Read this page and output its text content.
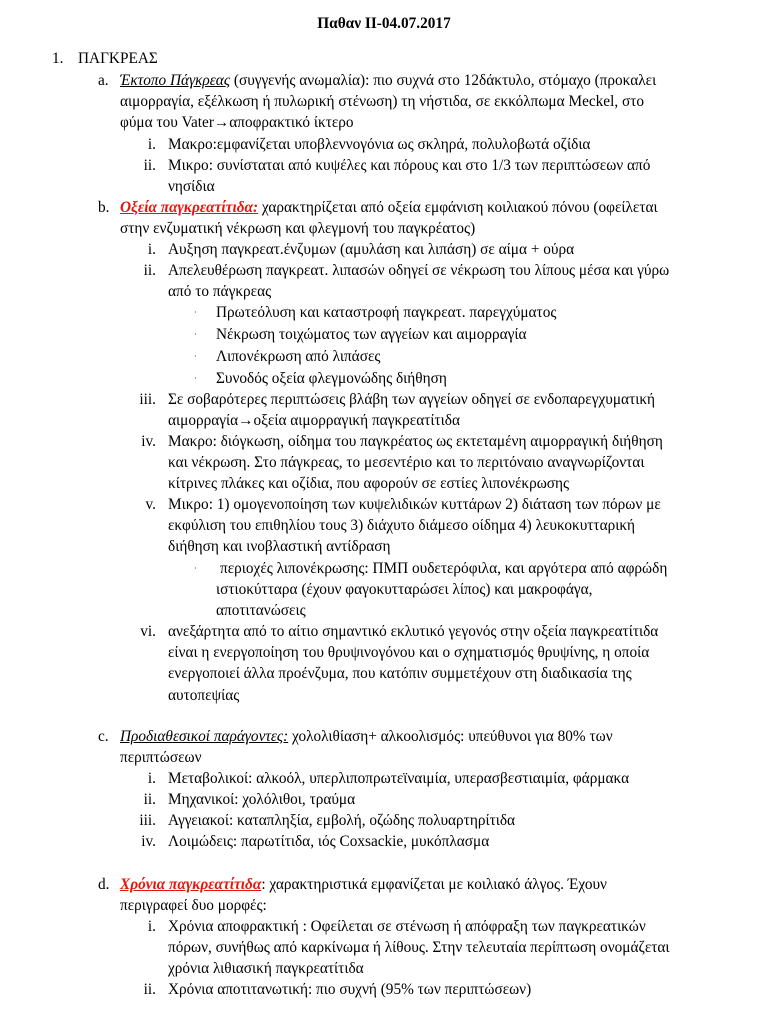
Παθαν ΙΙ-04.07.2017
1. ΠΑΓΚΡΕΑΣ
a. Έκτοπο Πάγκρεας (συγγενής ανωμαλία): πιο συχνά στο 12δάκτυλο, στόμαχο (προκαλει
αιμορραγία, εξέλκωση ή πυλωρική στένωση) τη νήστιδα, σε εκκόλπωμα Meckel, στο
φύμα του Vater→αποφρακτικό ίκτερο
i. Μακρο:εμφανίζεται υποβλεννογόνια ως σκληρά, πολυλοβωτά οζίδια
ii. Μικρο: συνίσταται από κυψέλες και πόρους και στο 1/3 των περιπτώσεων από
νησίδια
b. Οξεία παγκρεατίτιδα: χαρακτηρίζεται από οξεία εμφάνιση κοιλιακού πόνου (οφείλεται
στην ενζυματική νέκρωση και φλεγμονή του παγκρέατος)
i. Αυξηση παγκρεατ.ένζυμων (αμυλάση και λιπάση) σε αίμα + ούρα
ii. Απελευθέρωση παγκρεατ. λιπασών οδηγεί σε νέκρωση του λίπους μέσα και γύρω
από το πάγκρεας
· Πρωτεόλυση και καταστροφή παγκρεατ. παρεγχύματος
· Νέκρωση τοιχώματος των αγγείων και αιμορραγία
· Λιπονέκρωση από λιπάσες
· Συνοδός οξεία φλεγμονώδης διήθηση
iii. Σε σοβαρότερες περιπτώσεις βλάβη των αγγείων οδηγεί σε ενδοπαρεγχυματική
αιμορραγία→οξεία αιμορραγική παγκρεατίτιδα
iv. Μακρο: διόγκωση, οίδημα του παγκρέατος ως εκτεταμένη αιμορραγική διήθηση
και νέκρωση. Στο πάγκρεας, το μεσεντέριο και το περιτόναιο αναγνωρίζονται
κίτρινες πλάκες και οζίδια, που αφορούν σε εστίες λιπονέκρωσης
v. Μικρο: 1) ομογενοποίηση των κυψελιδικών κυττάρων 2) διάταση των πόρων με
εκφύλιση του επιθηλίου τους 3) διάχυτο διάμεσο οίδημα 4) λευκοκυτταρική
διήθηση και ινοβλαστική αντίδραση
· περιοχές λιπονέκρωσης: ΠΜΠ ουδετερόφιλα, και αργότερα από αφρώδη
ιστιοκύτταρα (έχουν φαγοκυτταρώσει λίπος) και μακροφάγα,
αποτιτανώσεις
vi. ανεξάρτητα από το αίτιο σημαντικό εκλυτικό γεγονός στην οξεία παγκρεατίτιδα
είναι η ενεργοποίηση του θρυψινογόνου και ο σχηματισμός θρυψίνης, η οποία
ενεργοποιεί άλλα προένζυμα, που κατόπιν συμμετέχουν στη διαδικασία της
αυτοπεψίας
c. Προδιαθεσικοί παράγοντες: χολολιθίαση+ αλκοολισμός: υπεύθυνοι για 80% των
περιπτώσεων
i. Μεταβολικοί: αλκοόλ, υπερλιποπρωτεϊναιμία, υπερασβεστιαιμία, φάρμακα
ii. Μηχανικοί: χολόλιθοι, τραύμα
iii. Αγγειακοί: καταπληξία, εμβολή, οζώδης πολυαρτηρίτιδα
iv. Λοιμώδεις: παρωτίτιδα, ιός Coxsackie, μυκόπλασμα
d. Χρόνια παγκρεατίτιδα: χαρακτηριστικά εμφανίζεται με κοιλιακό άλγος. Έχουν
περιγραφεί δυο μορφές:
i. Χρόνια αποφρακτική : Οφείλεται σε στένωση ή απόφραξη των παγκρεατικών
πόρων, συνήθως από καρκίνωμα ή λίθους. Στην τελευταία περίπτωση ονομάζεται
χρόνια λιθιασική παγκρεατίτιδα
ii. Χρόνια αποτιτανωτική: πιο συχνή (95% των περιπτώσεων)
